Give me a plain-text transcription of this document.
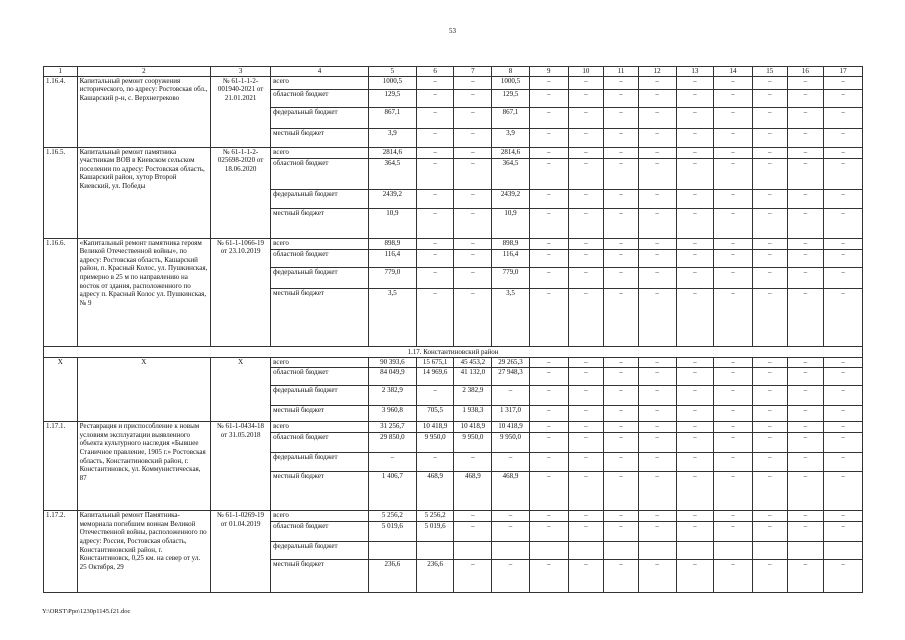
53
1	2	3	4	5	6	7	8	9	10	11	12	13	14	15	16	17
1.16.4.	Капитальный ремонт сооружения исторического, по адресу: Ростовская обл., Кашарский р-н, с. Верхнегреково	№ 61-1-1-2-001940-2021 от 21.01.2021	всего	1000,5	–	–	1000,5	–	–	–	–	–	–	–	–	–
			областной бюджет	129,5	–	–	129,5	–	–	–	–	–	–	–	–	–
			федеральный бюджет	867,1	–	–	867,1	–	–	–	–	–	–	–	–	–
			местный бюджет	3,9	–	–	3,9	–	–	–	–	–	–	–	–	–
1.16.5.	Капитальный ремонт памятника участникам ВОВ в Киевском сельском поселении по адресу: Ростовская область, Кашарский район, хутор Второй Киевский, ул. Победы	№ 61-1-1-2-025698-2020 от 18.06.2020	всего	2814,6	–	–	2814,6	–	–	–	–	–	–	–	–	–
			областной бюджет	364,5	–	–	364,5	–	–	–	–	–	–	–	–	–
			федеральный бюджет	2439,2	–	–	2439,2	–	–	–	–	–	–	–	–	–
			местный бюджет	10,9	–	–	10,9	–	–	–	–	–	–	–	–	–
1.16.6.	«Капитальный ремонт памятника героям Великой Отечественной войны», по адресу: Ростовская область, Кашарский район, п. Красный Колос, ул. Пушкинская, примерно в 25 м по направлению на восток от здания, расположенного по адресу п. Красный Колос ул. Пушкинская, № 9	№ 61-1-1066-19 от 23.10.2019	всего	898,9	–	–	898,9	–	–	–	–	–	–	–	–	–
			областной бюджет	116,4	–	–	116,4	–	–	–	–	–	–	–	–	–
			федеральный бюджет	779,0	–	–	779,0	–	–	–	–	–	–	–	–	–
			местный бюджет	3,5	–	–	3,5	–	–	–	–	–	–	–	–	–
1.17. Константиновский район																
Х	Х	Х	всего	90 393,6	15 675,1	45 453,2	29 265,3	–	–	–	–	–	–	–	–	–
			областной бюджет	84 049,9	14 969,6	41 132,0	27 948,3	–	–	–	–	–	–	–	–	–
			федеральный бюджет	2 382,9	–	2 382,9	–	–	–	–	–	–	–	–	–	–
			местный бюджет	3 960,8	705,5	1 938,3	1 317,0	–	–	–	–	–	–	–	–	–
1.17.1.	Реставрация и приспособление к новым условиям эксплуатации выявленного объекта культурного наследия «Бывшее Станичное правление, 1905 г.» Ростовская область, Константиновский район, г. Константиновск, ул. Коммунистическая, 87	№ 61-1-0434-18 от 31.05.2018	всего	31 256,7	10 418,9	10 418,9	10 418,9	–	–	–	–	–	–	–	–	–
			областной бюджет	29 850,0	9 950,0	9 950,0	9 950,0	–	–	–	–	–	–	–	–	–
			федеральный бюджет	–	–	–	–	–	–	–	–	–	–	–	–	–
			местный бюджет	1 406,7	468,9	468,9	468,9	–	–	–	–	–	–	–	–	–
1.17.2.	Капитальный ремонт Памятника-мемориала погибшим воинам Великой Отечественной войны, расположенного по адресу: Россия, Ростовская область, Константиновский район, г. Константиновск, 0,25 км. на север от ул. 25 Октября, 29	№ 61-1-0269-19 от 01.04.2019	всего	5 256,2	5 256,2	–	–	–	–	–	–	–	–	–	–	–
			областной бюджет	5 019,6	5 019,6	–	–	–	–	–	–	–	–	–	–	–
			федеральный бюджет													
			местный бюджет	236,6	236,6	–	–	–	–	–	–	–	–	–	–	–
Y:\ORST\Ppo\1230p1145.f21.doc
